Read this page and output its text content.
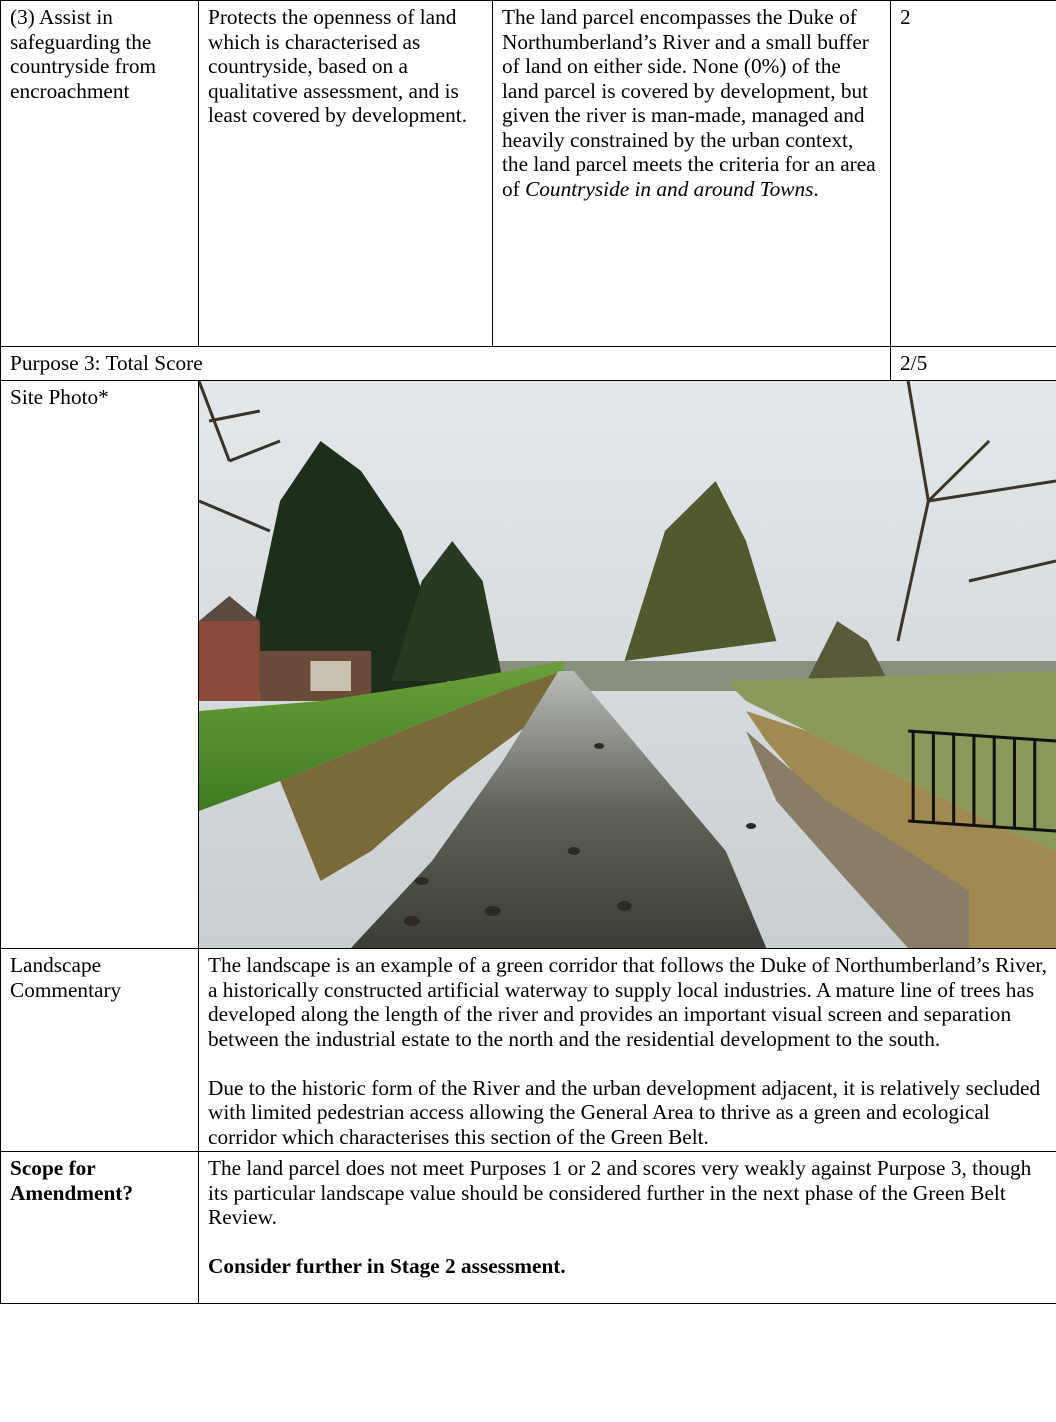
(3) Assist in safeguarding the countryside from encroachment	Protects the openness of land which is characterised as countryside, based on a qualitative assessment, and is least covered by development.	The land parcel encompasses the Duke of Northumberland’s River and a small buffer of land on either side. None (0%) of the land parcel is covered by development, but given the river is man-made, managed and heavily constrained by the urban context, the land parcel meets the criteria for an area of Countryside in and around Towns.	2
Purpose 3: Total Score			2/5
Site Photo*	

Landscape Commentary	The landscape is an example of a green corridor that follows the Duke of Northumberland’s River, a historically constructed artificial waterway to supply local industries. A mature line of trees has developed along the length of the river and provides an important visual screen and separation between the industrial estate to the north and the residential development to the south.

Due to the historic form of the River and the urban development adjacent, it is relatively secluded with limited pedestrian access allowing the General Area to thrive as a green and ecological corridor which characterises this section of the Green Belt.		

Scope for Amendment?	The land parcel does not meet Purposes 1 or 2 and scores very weakly against Purpose 3, though its particular landscape value should be considered further in the next phase of the Green Belt Review.

Consider further in Stage 2 assessment.		
